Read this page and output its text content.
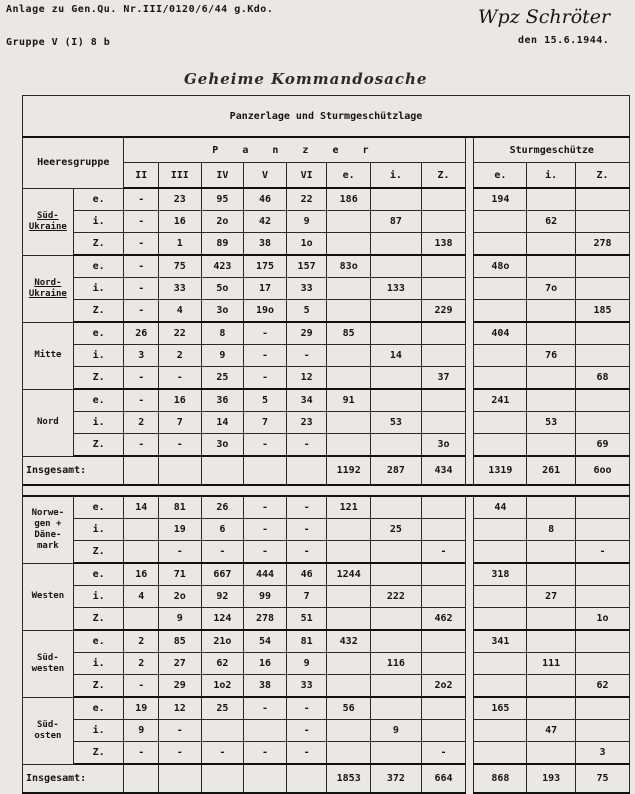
Anlage zu Gen.Qu. Nr.III/0120/6/44 g.Kdo.
Gruppe V (I) 8 b
Wpz Schröter
den 15.6.1944.
Geheime Kommandosache
Panzerlage und Sturmgeschützlage													
Heeresgruppe		P a n z e r									Sturmgeschütze		
		II	III	IV	V	VI	e.	i.	Z.		e.	i.	Z.
Süd-
Ukraine	e.	-	23	95	46	22	186				194		
	i.	-	16	2o	42	9		87				62	
	Z.	-	1	89	38	1o			138				278
Nord-
Ukraine	e.	-	75	423	175	157	83o				48o		
	i.	-	33	5o	17	33		133				7o	
	Z.	-	4	3o	19o	5			229				185
Mitte	e.	26	22	8	-	29	85				404		
	i.	3	2	9	-	-		14				76	
	Z.	-	-	25	-	12			37				68
Nord	e.	-	16	36	5	34	91				241		
	i.	2	7	14	7	23		53				53	
	Z.	-	-	3o	-	-			3o				69
Insgesamt:							1192	287	434		1319	261	6oo

Norwe-
gen +
Däne-
mark	e.	14	81	26	-	-	121				44		
	i.		19	6	-	-		25				8	
	Z.		-	-	-	-			-				-
Westen	e.	16	71	667	444	46	1244				318		
	i.	4	2o	92	99	7		222				27	
	Z.		9	124	278	51			462				1o
Süd-
westen	e.	2	85	21o	54	81	432				341		
	i.	2	27	62	16	9		116				111	
	Z.	-	29	1o2	38	33			2o2				62
Süd-
osten	e.	19	12	25	-	-	56				165		
	i.	9	-			-		9				47	
	Z.	-	-	-	-	-			-				3
Insgesamt:							1853	372	664		868	193	75
